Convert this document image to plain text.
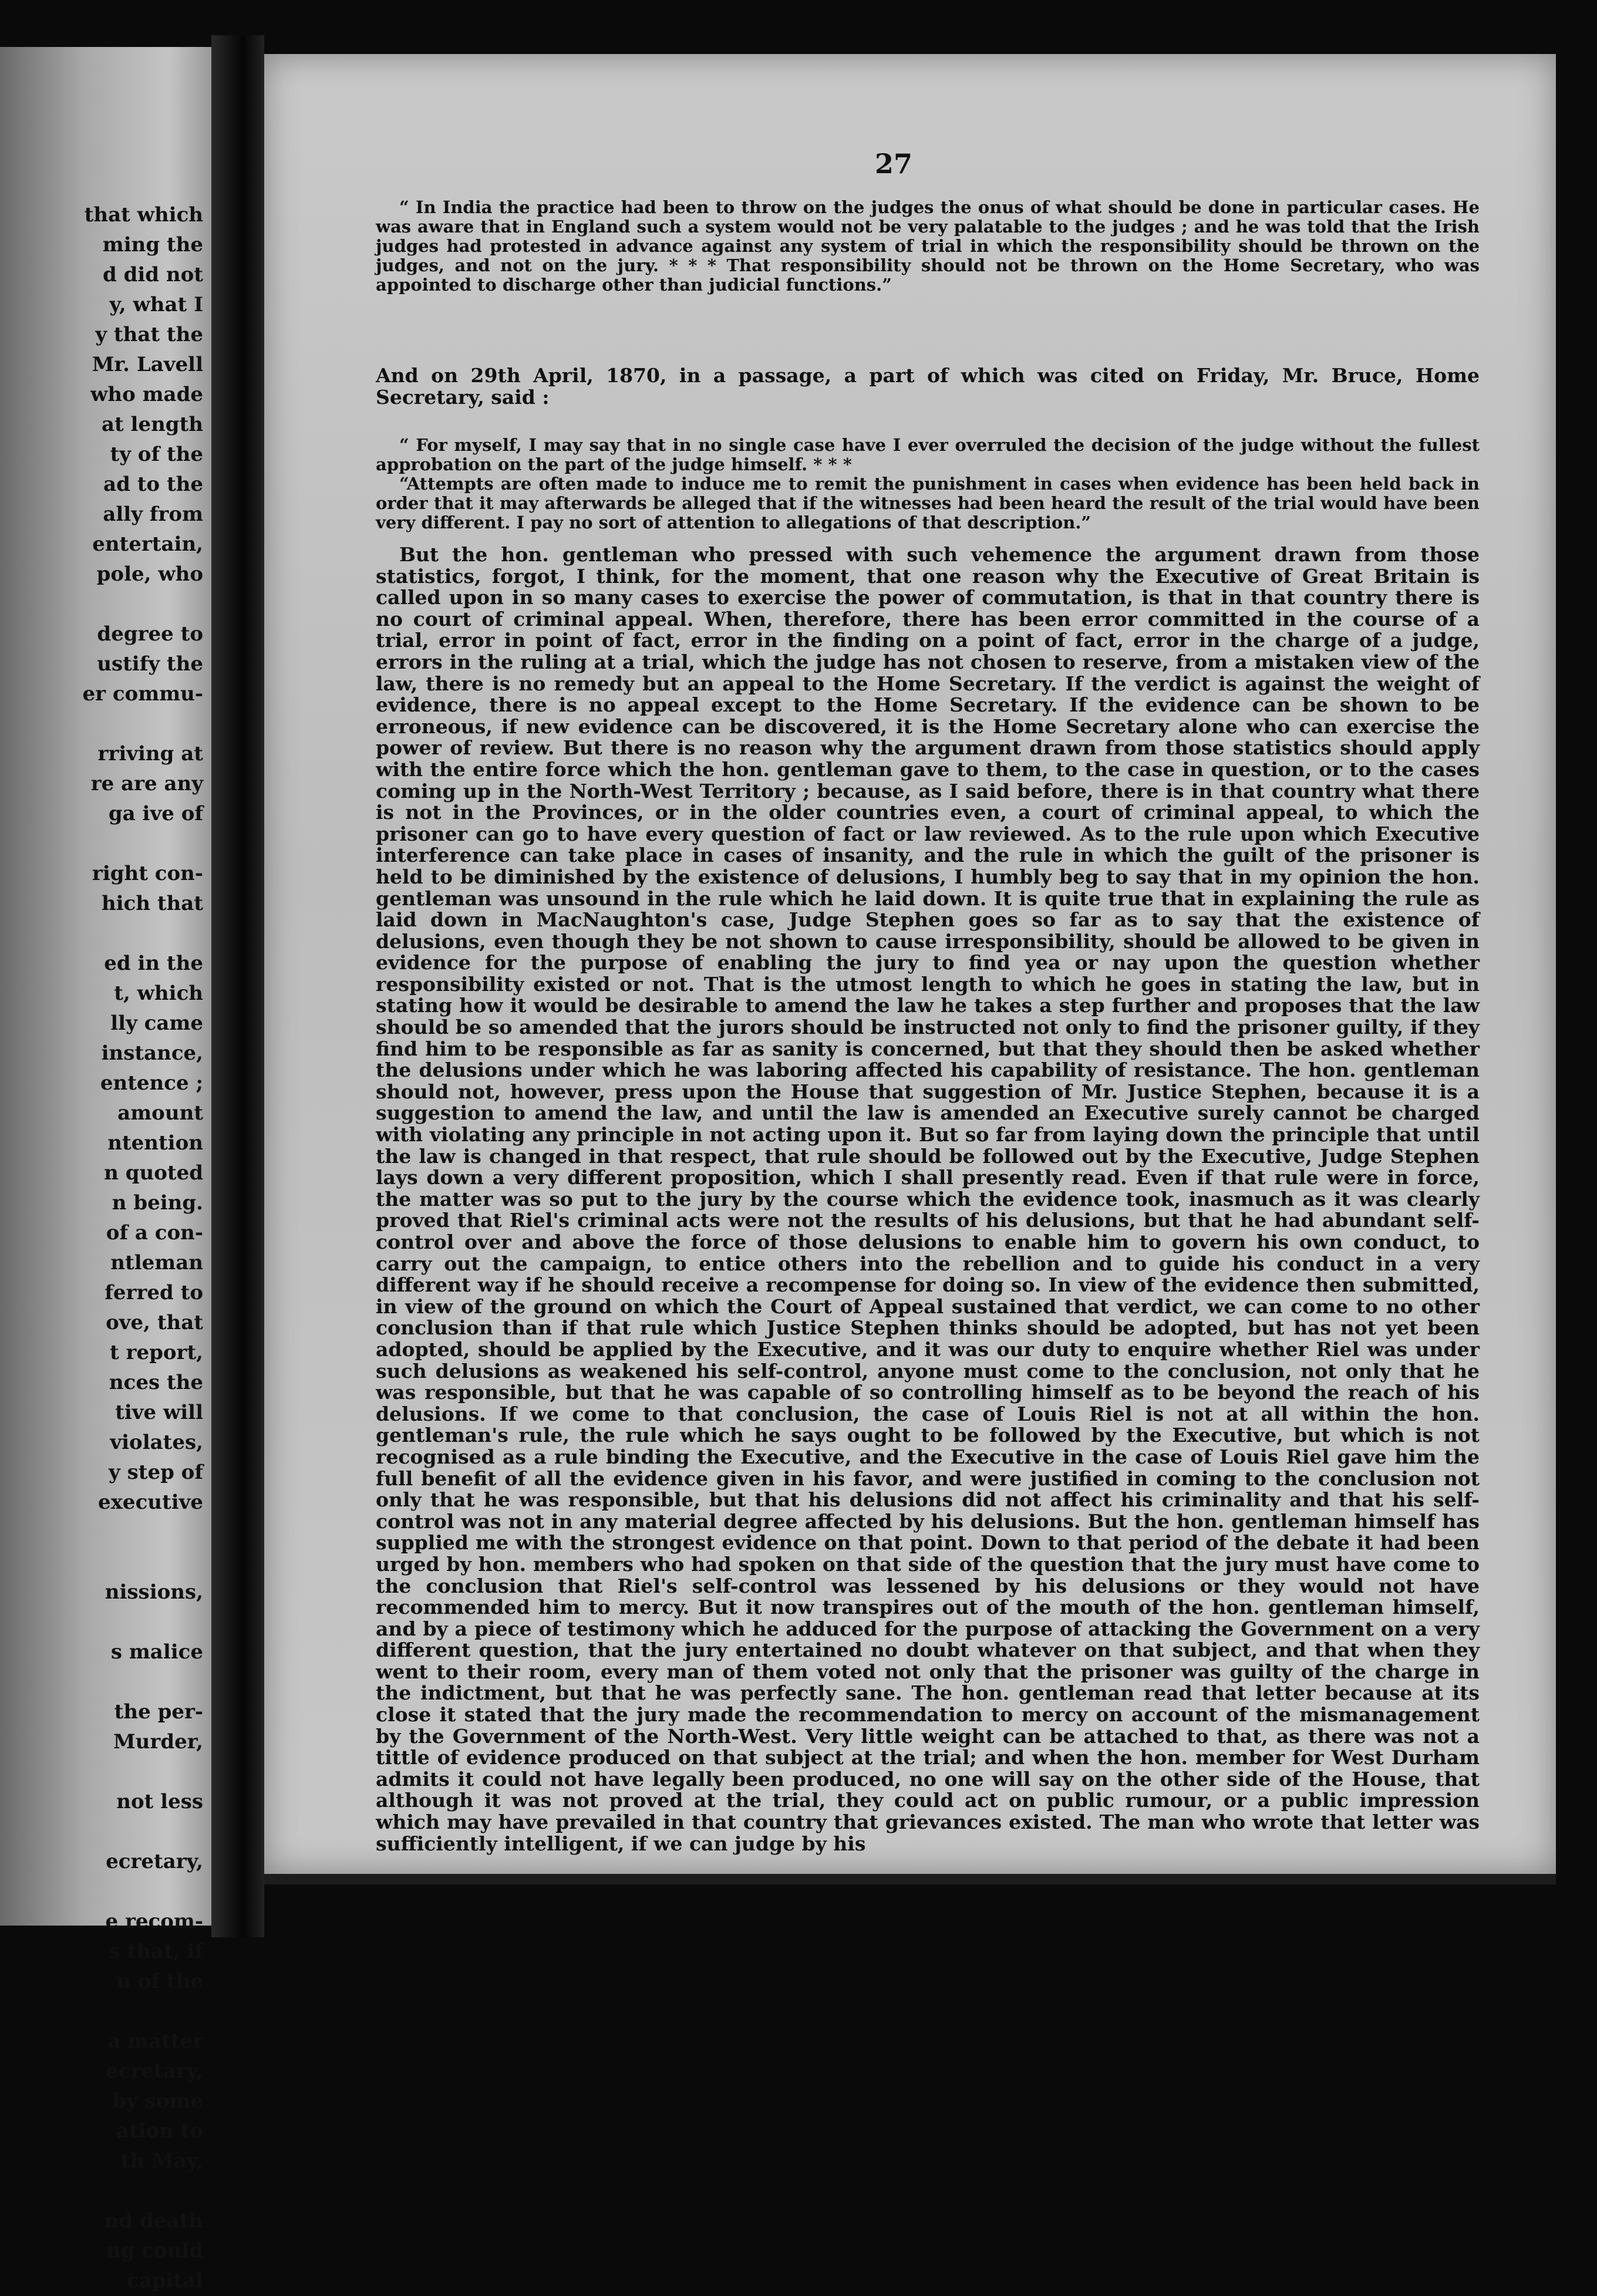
that which
ming the
d did not
y, what I
y that the
Mr. Lavell
who made
at length
ty of the
ad to the
ally from
entertain,
pole, who
degree to
ustify the
er commu-
rriving at
re are any
ga ive of
right con-
hich that
ed in the
t, which
lly came
instance,
entence ;
amount
ntention
n quoted
n being.
of a con-
ntleman
ferred to
ove, that
t report,
nces the
tive will
violates,
y step of
executive
nissions,
s malice
the per-
Murder,
not less
ecretary,
e recom-
s that, if
n of the
a matter
ecretary,
by some
ation to
th May,
nd death
ng could
capital
27

“ In India the practice had been to throw on the judges the onus of what should be done in particular cases. He was aware that in England such a system would not be very palatable to the judges ; and he was told that the Irish judges had protested in advance against any system of trial in which the responsibility should be thrown on the judges, and not on the jury. * * * That responsibility should not be thrown on the Home Secretary, who was appointed to discharge other than judicial functions.”

And on 29th April, 1870, in a passage, a part of which was cited on Friday, Mr. Bruce, Home Secretary, said :

“ For myself, I may say that in no single case have I ever overruled the decision of the judge without the fullest approbation on the part of the judge himself. * * *

“Attempts are often made to induce me to remit the punishment in cases when evidence has been held back in order that it may afterwards be alleged that if the witnesses had been heard the result of the trial would have been very different. I pay no sort of attention to allegations of that description.”

But the hon. gentleman who pressed with such vehemence the argument drawn from those statistics, forgot, I think, for the moment, that one reason why the Executive of Great Britain is called upon in so many cases to exercise the power of commutation, is that in that country there is no court of criminal appeal. When, therefore, there has been error committed in the course of a trial, error in point of fact, error in the finding on a point of fact, error in the charge of a judge, errors in the ruling at a trial, which the judge has not chosen to reserve, from a mistaken view of the law, there is no remedy but an appeal to the Home Secretary. If the verdict is against the weight of evidence, there is no appeal except to the Home Secretary. If the evidence can be shown to be erroneous, if new evidence can be discovered, it is the Home Secretary alone who can exercise the power of review. But there is no reason why the argument drawn from those statistics should apply with the entire force which the hon. gentleman gave to them, to the case in question, or to the cases coming up in the North-West Territory ; because, as I said before, there is in that country what there is not in the Provinces, or in the older countries even, a court of criminal appeal, to which the prisoner can go to have every question of fact or law reviewed. As to the rule upon which Executive interference can take place in cases of insanity, and the rule in which the guilt of the prisoner is held to be diminished by the existence of delusions, I humbly beg to say that in my opinion the hon. gentleman was unsound in the rule which he laid down. It is quite true that in explaining the rule as laid down in MacNaughton's case, Judge Stephen goes so far as to say that the existence of delusions, even though they be not shown to cause irresponsibility, should be allowed to be given in evidence for the purpose of enabling the jury to find yea or nay upon the question whether responsibility existed or not. That is the utmost length to which he goes in stating the law, but in stating how it would be desirable to amend the law he takes a step further and proposes that the law should be so amended that the jurors should be instructed not only to find the prisoner guilty, if they find him to be responsible as far as sanity is concerned, but that they should then be asked whether the delusions under which he was laboring affected his capability of resistance. The hon. gentleman should not, however, press upon the House that suggestion of Mr. Justice Stephen, because it is a suggestion to amend the law, and until the law is amended an Executive surely cannot be charged with violating any principle in not acting upon it. But so far from laying down the principle that until the law is changed in that respect, that rule should be followed out by the Executive, Judge Stephen lays down a very different proposition, which I shall presently read. Even if that rule were in force, the matter was so put to the jury by the course which the evidence took, inasmuch as it was clearly proved that Riel's criminal acts were not the results of his delusions, but that he had abundant self-control over and above the force of those delusions to enable him to govern his own conduct, to carry out the campaign, to entice others into the rebellion and to guide his conduct in a very different way if he should receive a recompense for doing so. In view of the evidence then submitted, in view of the ground on which the Court of Appeal sustained that verdict, we can come to no other conclusion than if that rule which Justice Stephen thinks should be adopted, but has not yet been adopted, should be applied by the Executive, and it was our duty to enquire whether Riel was under such delusions as weakened his self-control, anyone must come to the conclusion, not only that he was responsible, but that he was capable of so controlling himself as to be beyond the reach of his delusions. If we come to that conclusion, the case of Louis Riel is not at all within the hon. gentleman's rule, the rule which he says ought to be followed by the Executive, but which is not recognised as a rule binding the Executive, and the Executive in the case of Louis Riel gave him the full benefit of all the evidence given in his favor, and were justified in coming to the conclusion not only that he was responsible, but that his delusions did not affect his criminality and that his self-control was not in any material degree affected by his delusions. But the hon. gentleman himself has supplied me with the strongest evidence on that point. Down to that period of the debate it had been urged by hon. members who had spoken on that side of the question that the jury must have come to the conclusion that Riel's self-control was lessened by his delusions or they would not have recommended him to mercy. But it now transpires out of the mouth of the hon. gentleman himself, and by a piece of testimony which he adduced for the purpose of attacking the Government on a very different question, that the jury entertained no doubt whatever on that subject, and that when they went to their room, every man of them voted not only that the prisoner was guilty of the charge in the indictment, but that he was perfectly sane. The hon. gentleman read that letter because at its close it stated that the jury made the recommendation to mercy on account of the mismanagement by the Government of the North-West. Very little weight can be attached to that, as there was not a tittle of evidence produced on that subject at the trial; and when the hon. member for West Durham admits it could not have legally been produced, no one will say on the other side of the House, that although it was not proved at the trial, they could act on public rumour, or a public impression which may have prevailed in that country that grievances existed. The man who wrote that letter was sufficiently intelligent, if we can judge by his
